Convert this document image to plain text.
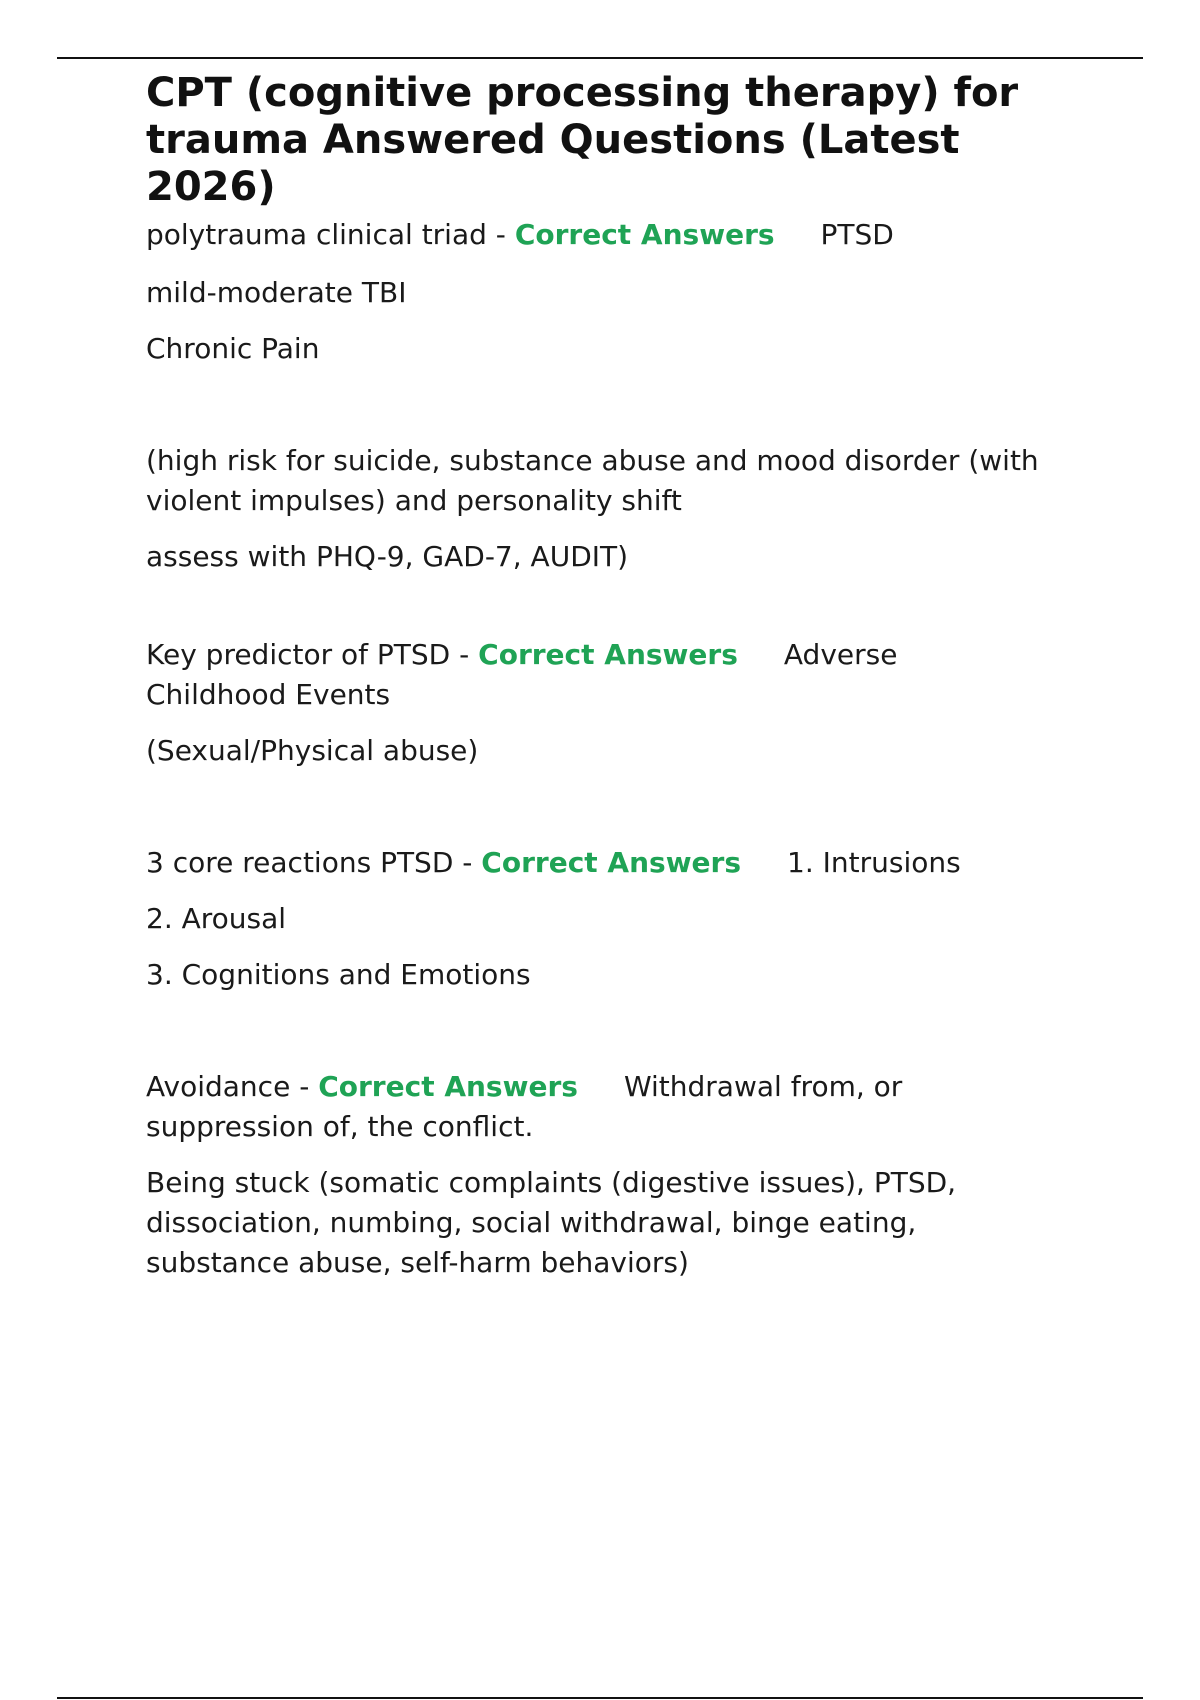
CPT (cognitive processing therapy) for trauma Answered Questions (Latest 2026)

polytrauma clinical triad - Correct Answers PTSD

mild-moderate TBI

Chronic Pain

(high risk for suicide, substance abuse and mood disorder (with violent impulses) and personality shift

assess with PHQ-9, GAD-7, AUDIT)

Key predictor of PTSD - Correct Answers Adverse Childhood Events

(Sexual/Physical abuse)

3 core reactions PTSD - Correct Answers 1. Intrusions

2. Arousal

3. Cognitions and Emotions

Avoidance - Correct Answers Withdrawal from, or suppression of, the conflict.

Being stuck (somatic complaints (digestive issues), PTSD, dissociation, numbing, social withdrawal, binge eating, substance abuse, self-harm behaviors)
